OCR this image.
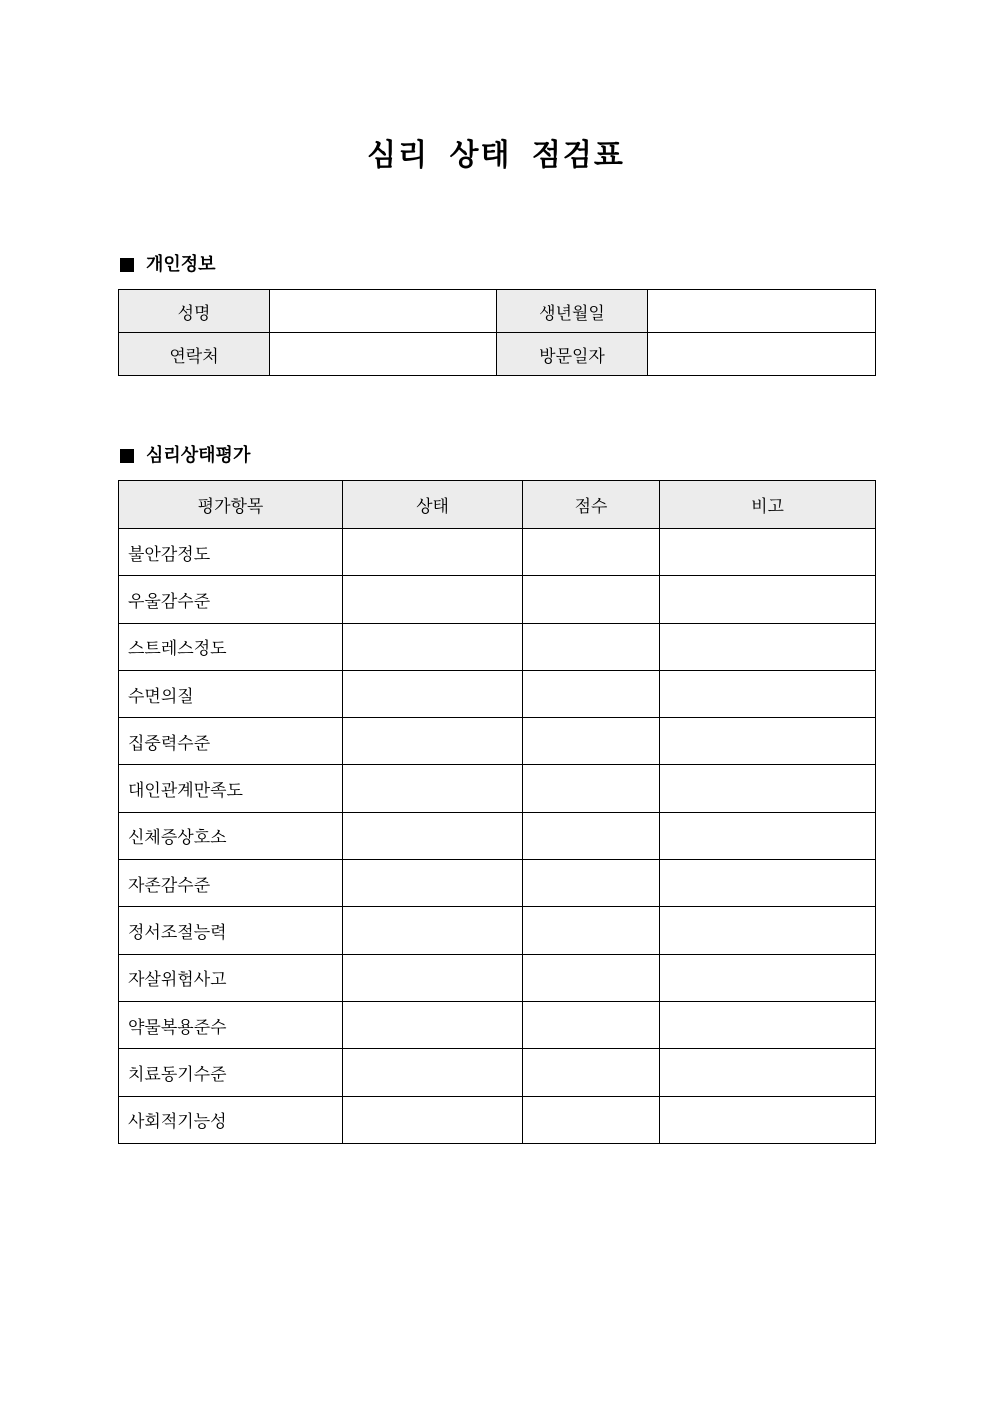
심리 상태 점검표
개인정보
성명		생년월일	
연락처		방문일자	
심리상태평가
평가항목	상태	점수	비고
불안감정도			
우울감수준			
스트레스정도			
수면의질			
집중력수준			
대인관계만족도			
신체증상호소			
자존감수준			
정서조절능력			
자살위험사고			
약물복용준수			
치료동기수준			
사회적기능성			
